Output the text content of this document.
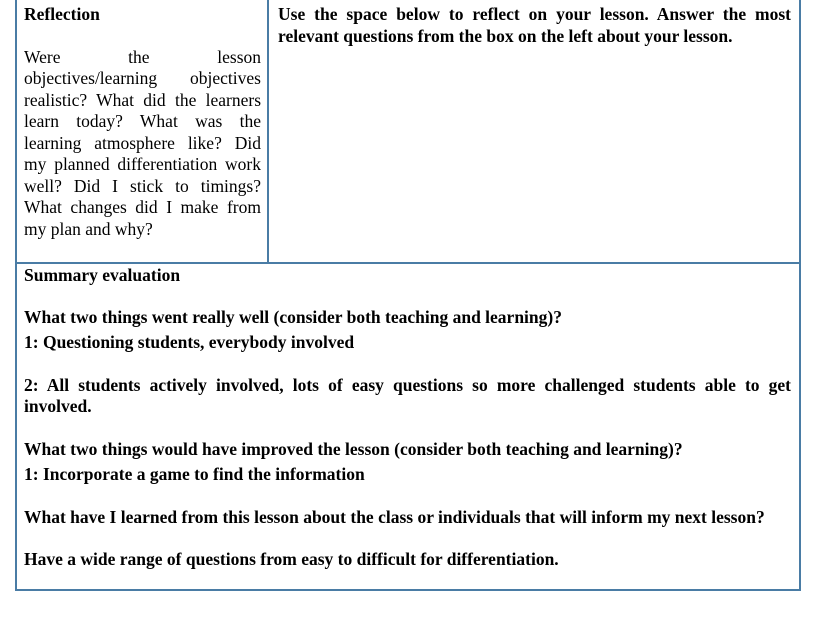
Reflection

Were the lesson objectives/learning objectives realistic? What did the learners learn today? What was the learning atmosphere like? Did my planned differentiation work well? Did I stick to timings? What changes did I make from my plan and why?

Use the space below to reflect on your lesson. Answer the most relevant questions from the box on the left about your lesson.

Summary evaluation

What two things went really well (consider both teaching and learning)?

1: Questioning students, everybody involved

2: All students actively involved, lots of easy questions so more challenged students able to get involved.

What two things would have improved the lesson (consider both teaching and learning)?

1: Incorporate a game to find the information

What have I learned from this lesson about the class or individuals that will inform my next lesson?

Have a wide range of questions from easy to difficult for differentiation.
